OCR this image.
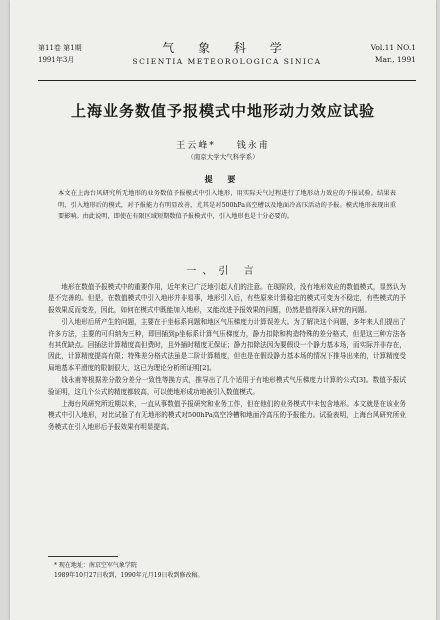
第11卷 第1期
1991年3月
气 象 科 学
SCIENTIA METEOROLOGICA SINICA
Vol.11 NO.1
Mar., 1991
上海业务数值予报模式中地形动力效应试验
王云峰* 钱永甫
（南京大学大气科学系）
提 要
本文在上海台风研究所无地形的业务数值予报模式中引入地形，用实际天气过程进行了地形动力效应的予报试验。结果表明，引入地形后的模式，对予报能力有明显改善，尤其是对500hPa高空槽以及地面冷高压活动的予报。模式地形表现出重要影响。由此说明，即使在有限区域短期数值予报模式中，引入地形也是十分必要的。
一、引 言

地形在数值予报模式中的重要作用，近年来已广泛地引起人们的注意。在现阶段，没有地形效应的数值模式，显然认为是不完善的。但是，在数值模式中引入地形并非易事，地形引入后，有些原来计算稳定的模式可变为不稳定，有些模式的予报效果反而变差，因此，如何在模式中既能加入地形，又能改进予报效果的问题，仍然是值得深入研究的问题。

引入地形后所产生的问题，主要在于坐标系问题和地区气压梯度力计算误差大。为了解决这个问题，多年来人们提出了许多方法，主要的可归纳为三种，即回插到p坐标系计算气压梯度力，静力扣除和构造特殊的差分格式，但是这三种方法各有其优缺点。回插法计算精度高但费时，且外插时精度无保证；静力扣除法因为要假设一个静力基本场，而实际并非存在，因此，计算精度提高有限；特殊差分格式法虽是二阶计算精度，但也是在假设静力基本场的情况下推导出来的，计算精度受局地基本平滑度的限制很大，这已为理论分析所证明[2]。

钱永甫等根据差分散分差分一致性等换方式，推导出了几个适用于有地形模式气压梯度力计算的公式[3]。数值予报试验证明，这几个公式的精度都较高，可以使地形成功地被引入数值模式。

上海台风研究所近期以来，一直从事数值予报研究和业务工作，但在他们的业务模式中未包含地形。本文就是在该业务模式中引入地形，对比试验了有无地形的模式对500hPa高空冷槽和地面冷高压的予报能力。试验表明，上海台风研究所业务模式在引入地形后予报效果有明显提高。

* 现在地址：南京空军气象学院
1989年10月27日收到，1990年元月19日收到修改稿。
